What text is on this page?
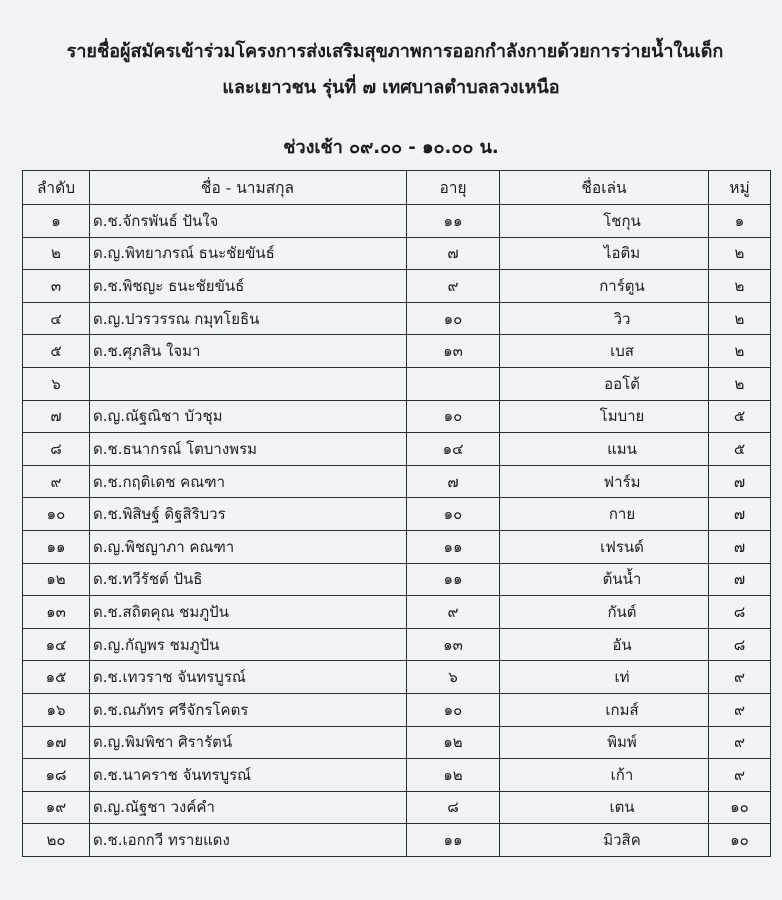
รายชื่อผู้สมัครเข้าร่วมโครงการส่งเสริมสุขภาพการออกกำลังกายด้วยการว่ายน้ำในเด็ก
และเยาวชน รุ่นที่ ๗ เทศบาลตำบลลวงเหนือ
ช่วงเช้า ๐๙.๐๐ - ๑๐.๐๐ น.
ลำดับ	ชื่อ - นามสกุล	อายุ	ชื่อเล่น	หมู่
๑	ด.ช.จักรพันธ์ ปันใจ	๑๑	โชกุน	๑
๒	ด.ญ.พิทยาภรณ์ ธนะชัยขันธ์	๗	ไอติม	๒
๓	ด.ช.พิชญะ ธนะชัยขันธ์	๙	การ์ตูน	๒
๔	ด.ญ.ปวรวรรณ กมุทโยธิน	๑๐	วิว	๒
๕	ด.ช.ศุภสิน ใจมา	๑๓	เบส	๒
๖			ออโต้	๒
๗	ด.ญ.ณัฐณิชา บัวชุม	๑๐	โมบาย	๕
๘	ด.ช.ธนากรณ์ โตบางพรม	๑๔	แมน	๕
๙	ด.ช.กฤติเดช คณฑา	๗	ฟาร์ม	๗
๑๐	ด.ช.พิสิษฐ์ ดิฐสิริบวร	๑๐	กาย	๗
๑๑	ด.ญ.พิชญาภา คณฑา	๑๑	เฟรนด์	๗
๑๒	ด.ช.ทวีรัชต์ ปันธิ	๑๑	ต้นน้ำ	๗
๑๓	ด.ช.สถิตคุณ ชมภูปัน	๙	กันต์	๘
๑๔	ด.ญ.กัญพร ชมภูปัน	๑๓	อัน	๘
๑๕	ด.ช.เทวราช จันทรบูรณ์	๖	เท่	๙
๑๖	ด.ช.ณภัทร ศรีจักรโคตร	๑๐	เกมส์	๙
๑๗	ด.ญ.พิมพิชา ศิรารัตน์	๑๒	พิมพ์	๙
๑๘	ด.ช.นาคราช จันทรบูรณ์	๑๒	เก้า	๙
๑๙	ด.ญ.ณัฐชา วงค์คำ	๘	เตน	๑๐
๒๐	ด.ช.เอกกวี ทรายแดง	๑๑	มิวสิค	๑๐
